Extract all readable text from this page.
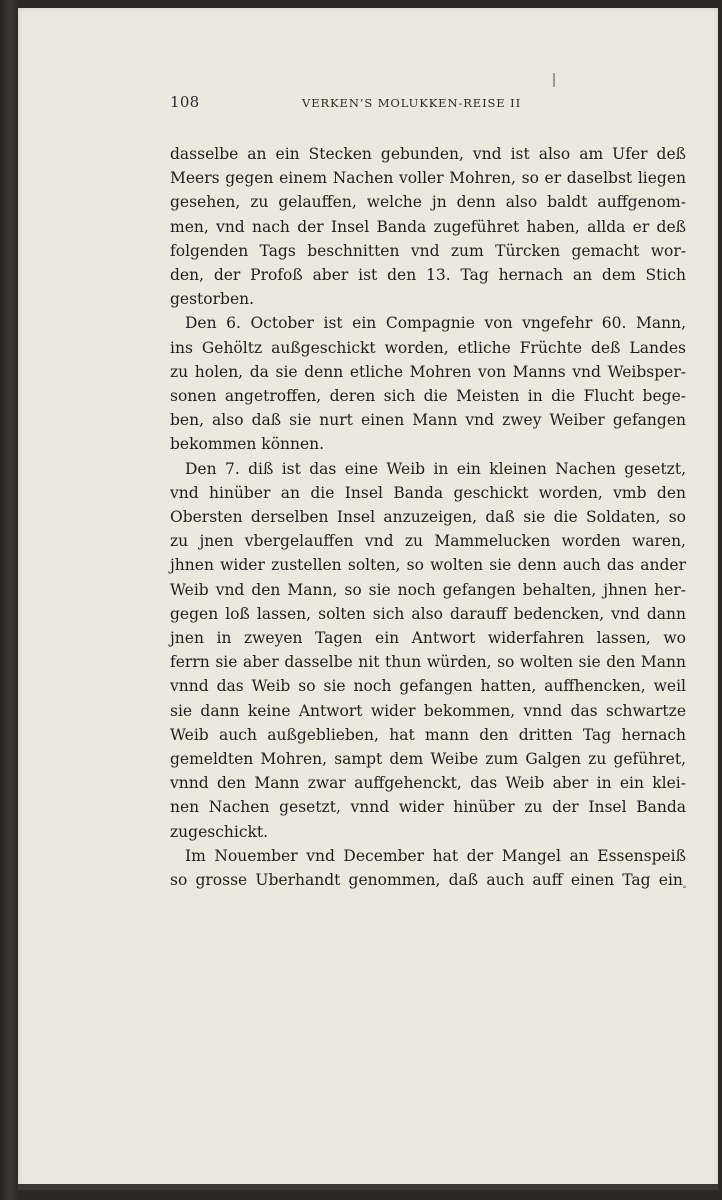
108	VERKEN’S MOLUKKEN-REISE II
dasselbe an ein Stecken gebunden, vnd ist also am Ufer deß
Meers gegen einem Nachen voller Mohren, so er daselbst liegen
gesehen, zu gelauffen, welche jn denn also baldt auffgenom-
men, vnd nach der Insel Banda zugeführet haben, allda er deß
folgenden Tags beschnitten vnd zum Türcken gemacht wor-
den, der Profoß aber ist den 13. Tag hernach an dem Stich
gestorben.
Den 6. October ist ein Compagnie von vngefehr 60. Mann,
ins Gehöltz außgeschickt worden, etliche Früchte deß Landes
zu holen, da sie denn etliche Mohren von Manns vnd Weibsper-
sonen angetroffen, deren sich die Meisten in die Flucht bege-
ben, also daß sie nurt einen Mann vnd zwey Weiber gefangen
bekommen können.
Den 7. diß ist das eine Weib in ein kleinen Nachen gesetzt,
vnd hinüber an die Insel Banda geschickt worden, vmb den
Obersten derselben Insel anzuzeigen, daß sie die Soldaten, so
zu jnen vbergelauffen vnd zu Mammelucken worden waren,
jhnen wider zustellen solten, so wolten sie denn auch das ander
Weib vnd den Mann, so sie noch gefangen behalten, jhnen her-
gegen loß lassen, solten sich also darauff bedencken, vnd dann
jnen in zweyen Tagen ein Antwort widerfahren lassen, wo
ferrn sie aber dasselbe nit thun würden, so wolten sie den Mann
vnnd das Weib so sie noch gefangen hatten, auffhencken, weil
sie dann keine Antwort wider bekommen, vnnd das schwartze
Weib auch außgeblieben, hat mann den dritten Tag hernach
gemeldten Mohren, sampt dem Weibe zum Galgen zu geführet,
vnnd den Mann zwar auffgehenckt, das Weib aber in ein klei-
nen Nachen gesetzt, vnnd wider hinüber zu der Insel Banda
zugeschickt.
Im Nouember vnd December hat der Mangel an Essenspeiß
so grosse Uberhandt genommen, daß auch auff einen Tag einₐ
